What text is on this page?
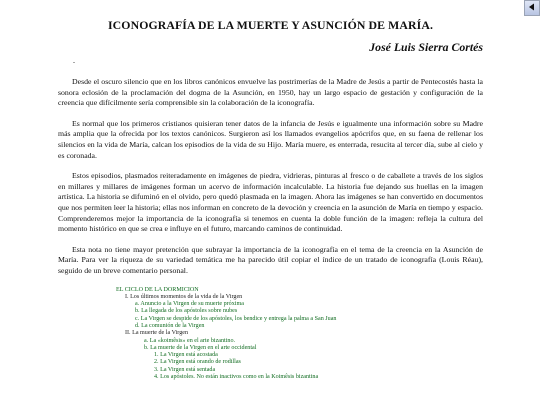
ICONOGRAFÍA DE LA MUERTE Y ASUNCIÓN DE MARÍA.
José Luis Sierra Cortés
.

Desde el oscuro silencio que en los libros canónicos envuelve las postrimerías de la Madre de Jesús a partir de Pentecostés hasta la sonora eclosión de la proclamación del dogma de la Asunción, en 1950, hay un largo espacio de gestación y configuración de la creencia que difícilmente sería comprensible sin la colaboración de la iconografía.

Es normal que los primeros cristianos quisieran tener datos de la infancia de Jesús e igualmente una información sobre su Madre más amplia que la ofrecida por los textos canónicos. Surgieron así los llamados evangelios apócrifos que, en su faena de rellenar los silencios en la vida de María, calcan los episodios de la vida de su Hijo. María muere, es enterrada, resucita al tercer día, sube al cielo y es coronada.

Estos episodios, plasmados reiteradamente en imágenes de piedra, vidrieras, pinturas al fresco o de caballete a través de los siglos en millares y millares de imágenes forman un acervo de información incalculable. La historia fue dejando sus huellas en la imagen artística. La historia se difuminó en el olvido, pero quedó plasmada en la imagen. Ahora las imágenes se han convertido en documentos que nos permiten leer la historia; ellas nos informan en concreto de la devoción y creencia en la asunción de María en tiempo y espacio. Comprenderemos mejor la importancia de la iconografía si tenemos en cuenta la doble función de la imagen: refleja la cultura del momento histórico en que se crea e influye en el futuro, marcando caminos de continuidad.

Esta nota no tiene mayor pretención que subrayar la importancia de la iconografía en el tema de la creencia en la Asunción de María. Para ver la riqueza de su variedad temática me ha parecido útil copiar el índice de un tratado de iconografía (Louis Réau), seguido de un breve comentario personal.

EL CICLO DE LA DORMICION
I. Los últimos momentos de la vida de la Virgen
a. Anuncio a la Virgen de su muerte próxima
b. La llegada de los apóstoles sobre nubes
c. La Virgen se despide de los apóstoles, los bendice y entrega la palma a San Juan
d. La comunión de la Virgen
II. La muerte de la Virgen
a. La «koimêsis» en el arte bizantino.
b. La muerte de la Virgen en el arte occidental
1. La Virgen está acostada
2. La Virgen está orando de rodillas
3. La Virgen está sentada
4. Los apóstoles. No están inactivos como en la Koimêsis bizantina
